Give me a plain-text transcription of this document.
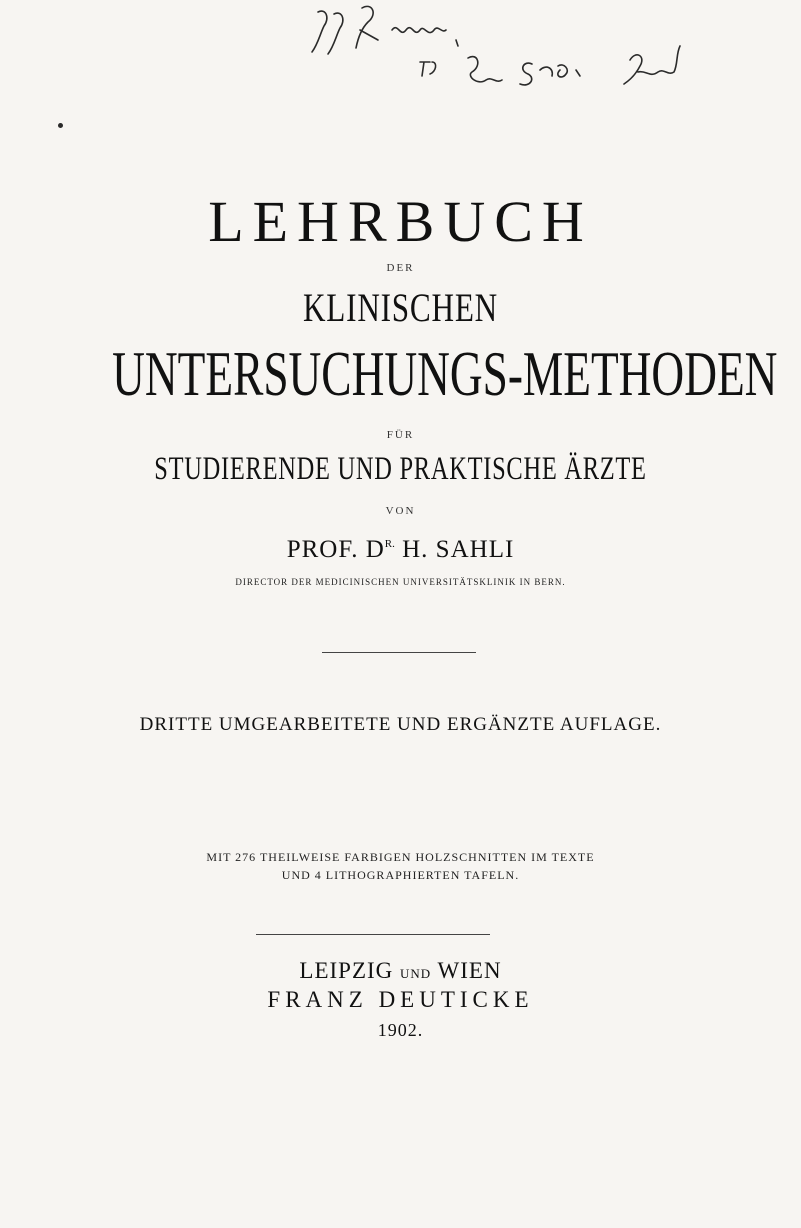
LEHRBUCH
DER
KLINISCHEN
UNTERSUCHUNGS-METHODEN
FÜR
STUDIERENDE UND PRAKTISCHE ÄRZTE
VON
PROF. $D^{R.}$ H. SAHLI
DIRECTOR DER MEDICINISCHEN UNIVERSITÄTSKLINIK IN BERN.
DRITTE UMGEARBEITETE UND ERGÄNZTE AUFLAGE.
MIT 276 THEILWEISE FARBIGEN HOLZSCHNITTEN IM TEXTE
UND 4 LITHOGRAPHIERTEN TAFELN.
LEIPZIG UND WIEN
FRANZ DEUTICKE
1902.
